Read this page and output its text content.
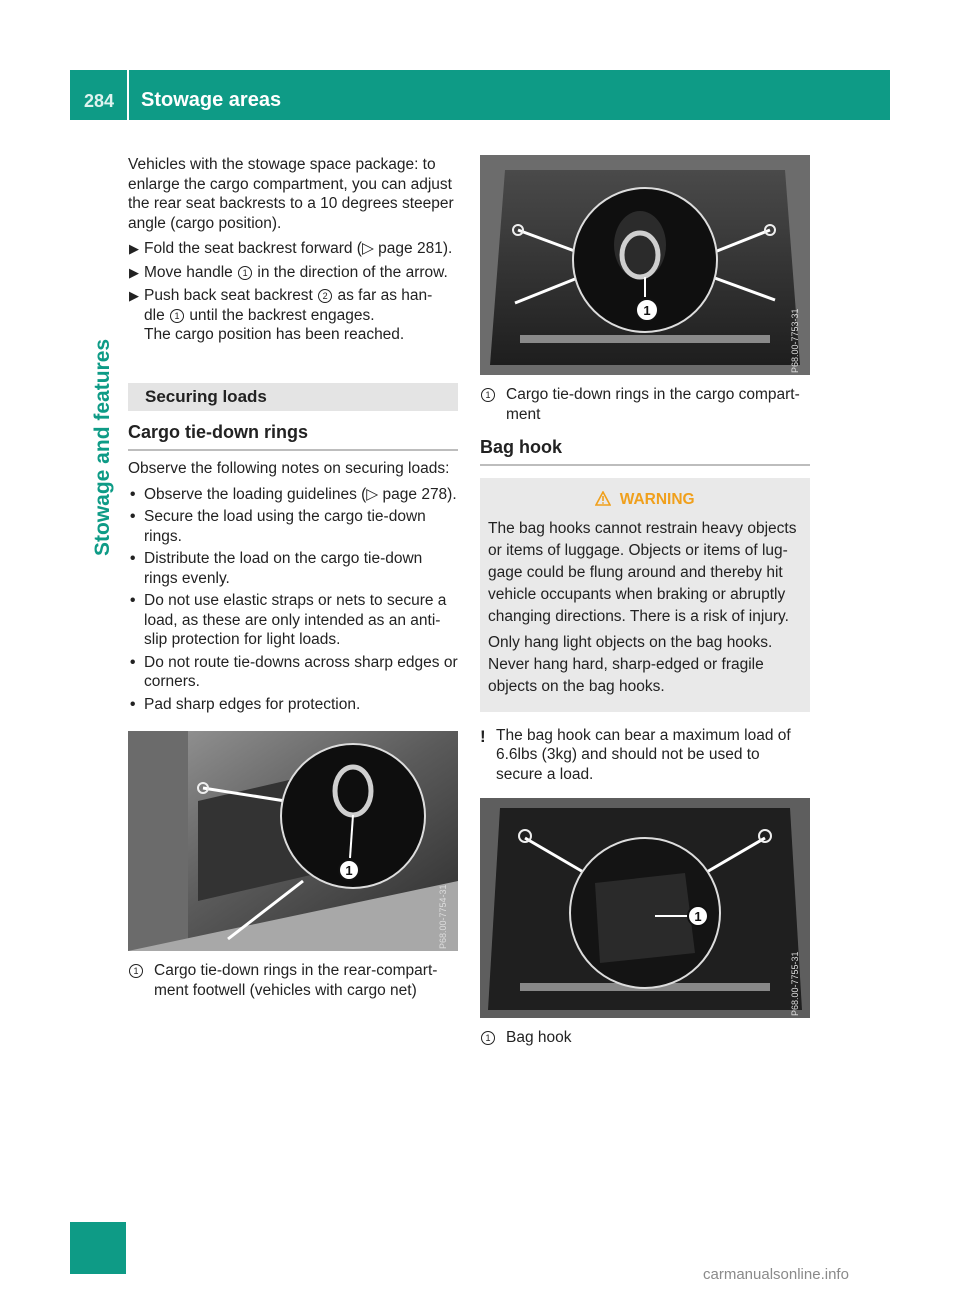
284 Stowage areas
Stowage and features

Vehicles with the stowage space package: to enlarge the cargo compartment, you can adjust the rear seat backrests to a 10 degrees steeper angle (cargo position).

▶ Fold the seat backrest forward (▷ page 281).
▶ Move handle 1 in the direction of the arrow.
▶ Push back seat backrest 2 as far as han-
dle 1 until the backrest engages.
The cargo position has been reached.
Securing loads
Cargo tie-down rings

Observe the following notes on securing loads:

• Observe the loading guidelines (▷ page 278).
• Secure the load using the cargo tie-down rings.
• Distribute the load on the cargo tie-down rings evenly.
• Do not use elastic straps or nets to secure a load, as these are only intended as an anti-slip protection for light loads.
• Do not route tie-downs across sharp edges or corners.
• Pad sharp edges for protection.
1
P68.00-7754-31
1 Cargo tie-down rings in the rear-compart-ment footwell (vehicles with cargo net)
1	P68.00-7753-31
1 Cargo tie-down rings in the cargo compart-ment
Bag hook
WARNING

The bag hooks cannot restrain heavy objects or items of luggage. Objects or items of lug-gage could be flung around and thereby hit vehicle occupants when braking or abruptly changing directions. There is a risk of injury.

Only hang light objects on the bag hooks. Never hang hard, sharp-edged or fragile objects on the bag hooks.

! The bag hook can bear a maximum load of 6.6lbs (3kg) and should not be used to secure a load.
1
P68.00-7755-31
1 Bag hook
carmanualsonline.info
